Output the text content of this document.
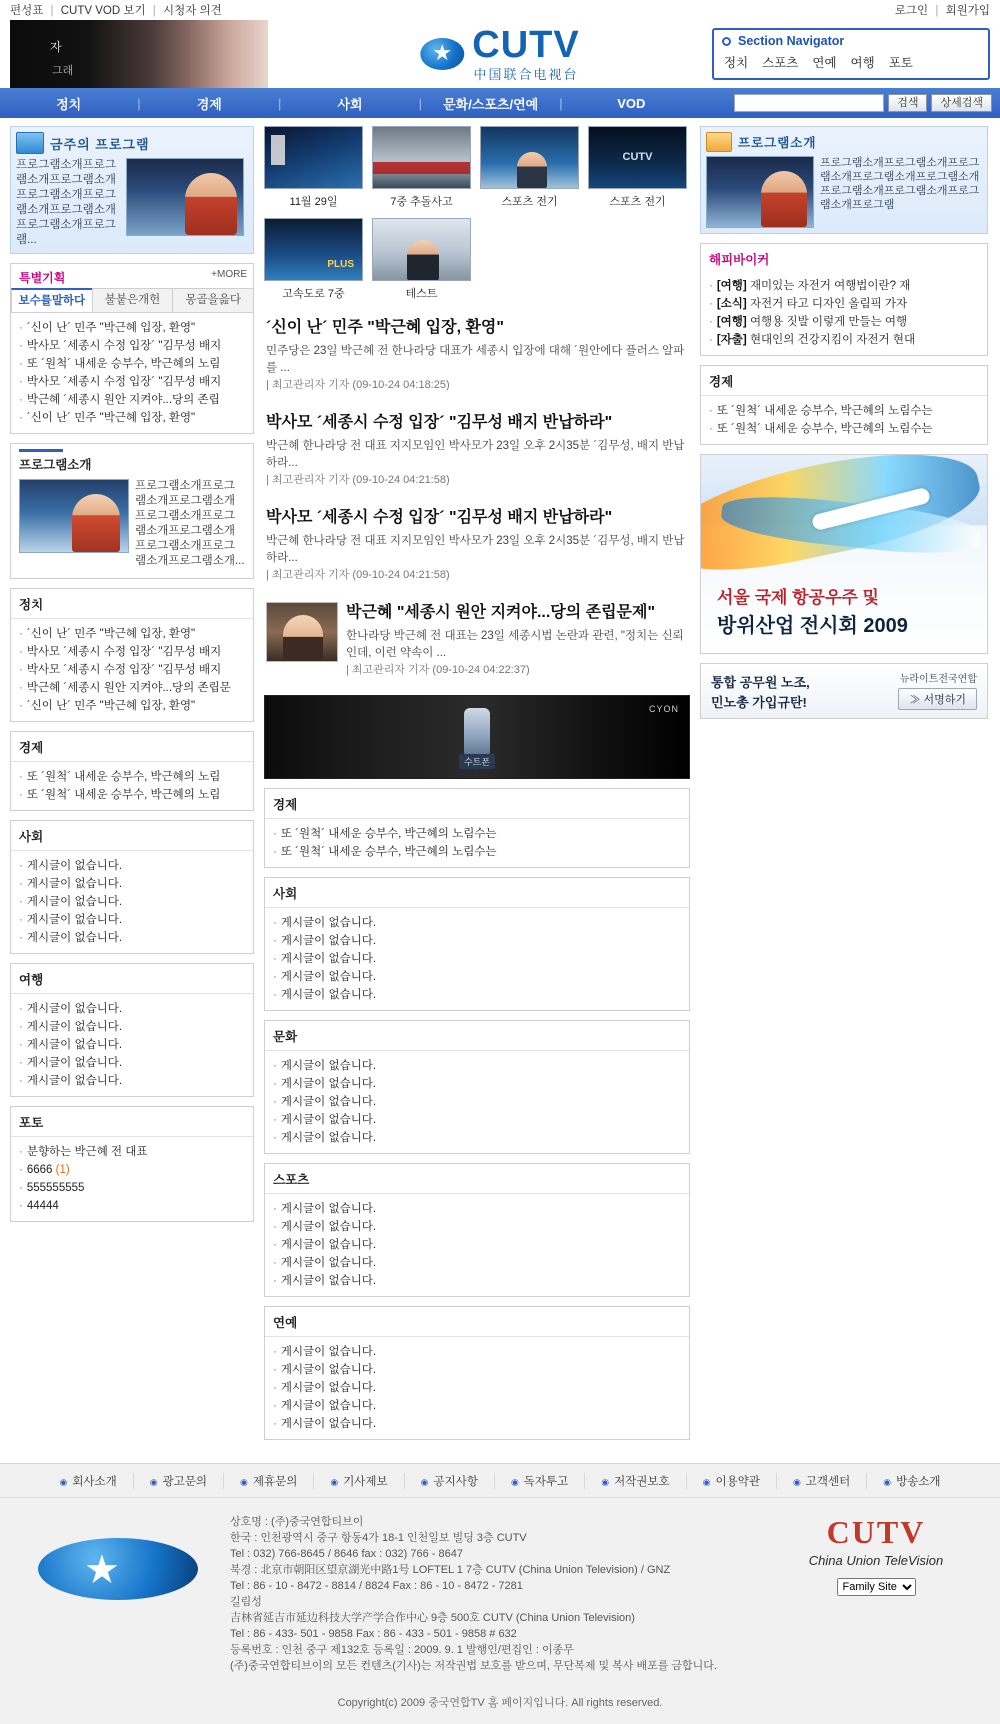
편성표 | CUTV VOD 보기 | 시청자 의견	로그인 | 회원가입
자
그래
★ CUTV
中国联合电视台
Section Navigator
정치 스포츠 연예 여행 포토
정치	|	경제	|	사회	|	문화/스포츠/연예	|	VOD	검색	상세검색
금주의 프로그램
프로그램소개프로그램소개프로그램소개프로그램소개프로그램소개프로그램소개프로그램소개프로그램...
특별기획	+MORE
보수를말하다	불붙은개헌	몽골을읊다
· ´신이 난´ 민주 "박근혜 입장, 환영"
· 박사모 ´세종시 수정 입장´ "김무성 배지
· 또 ´원척´ 내세운 승부수, 박근혜의 노림
· 박사모 ´세종시 수정 입장´ "김무성 배지
· 박근혜 ´세종시 원안 지켜야...당의 존립
· ´신이 난´ 민주 "박근혜 입장, 환영"
프로그램소개
프로그램소개프로그램소개프로그램소개프로그램소개프로그램소개프로그램소개프로그램소개프로그램소개프로그램소개...
정치
· ´신이 난´ 민주 "박근혜 입장, 환영"
· 박사모 ´세종시 수정 입장´ "김무성 배지
· 박사모 ´세종시 수정 입장´ "김무성 배지
· 박근혜 ´세종시 원안 지켜야...당의 존립문
· ´신이 난´ 민주 "박근혜 입장, 환영"
경제
· 또 ´원척´ 내세운 승부수, 박근혜의 노림
· 또 ´원척´ 내세운 승부수, 박근혜의 노림
사회
· 게시글이 없습니다.
· 게시글이 없습니다.
· 게시글이 없습니다.
· 게시글이 없습니다.
· 게시글이 없습니다.
여행
· 게시글이 없습니다.
· 게시글이 없습니다.
· 게시글이 없습니다.
· 게시글이 없습니다.
· 게시글이 없습니다.
포토
· 분향하는 박근혜 전 대표
· 6666 (1)
· 555555555
· 44444
11월 29일	7중 추돌사고	스포츠 전기
CUTV	스포츠 전기
PLUS
고속도로 7중	테스트
´신이 난´ 민주 "박근혜 입장, 환영"

민주당은 23일 박근혜 전 한나라당 대표가 세종시 입장에 대해 ´원안에다 플러스 알파를 ...

| 최고관리자 기자 (09-10-24 04:18:25)

박사모 ´세종시 수정 입장´ "김무성 배지 반납하라"

박근혜 한나라당 전 대표 지지모임인 박사모가 23일 오후 2시35분 ´김무성, 배지 반납하라...

| 최고관리자 기자 (09-10-24 04:21:58)

박사모 ´세종시 수정 입장´ "김무성 배지 반납하라"

박근혜 한나라당 전 대표 지지모임인 박사모가 23일 오후 2시35분 ´김무성, 배지 반납하라...

| 최고관리자 기자 (09-10-24 04:21:58)

박근혜 "세종시 원안 지켜야...당의 존립문제"

한나라당 박근혜 전 대표는 23일 세종시법 논란과 관련, "정치는 신뢰인데, 이런 약속이 ...

| 최고관리자 기자 (09-10-24 04:22:37)

수트폰
CYON
경제
· 또 ´원척´ 내세운 승부수, 박근혜의 노림수는
· 또 ´원척´ 내세운 승부수, 박근혜의 노림수는
사회
· 게시글이 없습니다.
· 게시글이 없습니다.
· 게시글이 없습니다.
· 게시글이 없습니다.
· 게시글이 없습니다.
문화
· 게시글이 없습니다.
· 게시글이 없습니다.
· 게시글이 없습니다.
· 게시글이 없습니다.
· 게시글이 없습니다.
스포츠
· 게시글이 없습니다.
· 게시글이 없습니다.
· 게시글이 없습니다.
· 게시글이 없습니다.
· 게시글이 없습니다.
연예
· 게시글이 없습니다.
· 게시글이 없습니다.
· 게시글이 없습니다.
· 게시글이 없습니다.
· 게시글이 없습니다.
프로그램소개
프로그램소개프로그램소개프로그램소개프로그램소개프로그램소개프로그램소개프로그램소개프로그램소개프로그램
해피바이커
· [여행] 재미있는 자전거 여행법이란? 재
· [소식] 자전거 타고 디자인 올림픽 가자
· [여행] 여행용 짓발 이렇게 만들는 여행
· [자출] 현대인의 건강지킴이 자전거 현대
경제
· 또 ´원척´ 내세운 승부수, 박근혜의 노림수는
· 또 ´원척´ 내세운 승부수, 박근혜의 노림수는
서울 국제 항공우주 및
방위산업 전시회 2009
통합 공무원 노조,
민노총 가입규탄!
뉴라이트전국연합
≫ 서명하기
◉ 회사소개	◉ 광고문의	◉ 제휴문의	◉ 기사제보	◉ 공지사항	◉ 독자투고	◉ 저작권보호	◉ 이용약관	◉ 고객센터	◉ 방송소개
★
상호명 : (주)중국연합티브이
한국 : 인천광역시 중구 항동4가 18-1 인천일보 빌딩 3층 CUTV
Tel : 032) 766-8645 / 8646 fax : 032) 766 - 8647
북경 : 北京市朝阳区望京湖光中路1号 LOFTEL 1 7층 CUTV (China Union Television) / GNZ
Tel : 86 - 10 - 8472 - 8814 / 8824 Fax : 86 - 10 - 8472 - 7281
길림성
吉林省延吉市延边科技大学产学合作中心 9층 500호 CUTV (China Union Television)
Tel : 86 - 433- 501 - 9858 Fax : 86 - 433 - 501 - 9858 # 632
등록번호 : 인천 중구 제132호 등록일 : 2009. 9. 1 발행인/편집인 : 이종무
(주)중국연합티브이의 모든 컨텐츠(기사)는 저작권법 보호를 받으며, 무단복제 및 복사 배포를 금합니다.
CUTV
China Union TeleVision
Family Site
Copyright(c) 2009 중국연합TV 홈 페이지입니다. All rights reserved.
